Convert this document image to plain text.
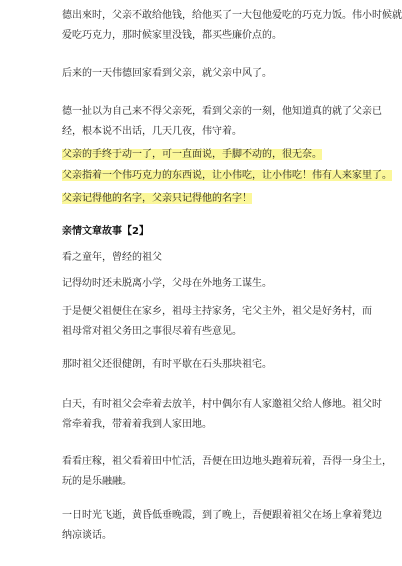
德出來时，父亲不敢给他钱，给他买了一大包他爱吃的巧克力饭。伟小时候就
爱吃巧克力，那时候家里没钱，都买些廉价点的。
后来的一天伟德回家看到父亲，就父亲中风了。
德一扯以为自己来不得父亲死，看到父亲的一刻，他知道真的就了父亲已
经，根本说不出话，几天几夜，伟守着。
父亲的手终于动一了，可一直面说，手脚不动的，很无奈。
父亲指着一个伟巧克力的东西说，让小伟吃，让小伟吃！伟有人来家里了。
父亲记得他的名字，父亲只记得他的名字！
亲情文章故事【2】
看之童年，曾经的祖父
记得幼时还未脱离小学，父母在外地务工谋生。
于是便父祖便住在家乡，祖母主持家务，宅父主外，祖父是好务村，而
祖母常对祖父务田之事很尽着有些意见。
那时祖父还很健朗，有时平歇在石头那块祖宅。
白天，有时祖父会牵着去放羊，村中偶尔有人家邀祖父给人修地。祖父时
常牵着我，带着着我到人家田地。
看看庄稼，祖父看着田中忙活，吾便在田边地头跑着玩着，吾得一身尘土，
玩的是乐融融。
一日时光飞逝，黄昏低垂晚霞，到了晚上，吾便跟着祖父在场上拿着凳边
纳凉谈话。
